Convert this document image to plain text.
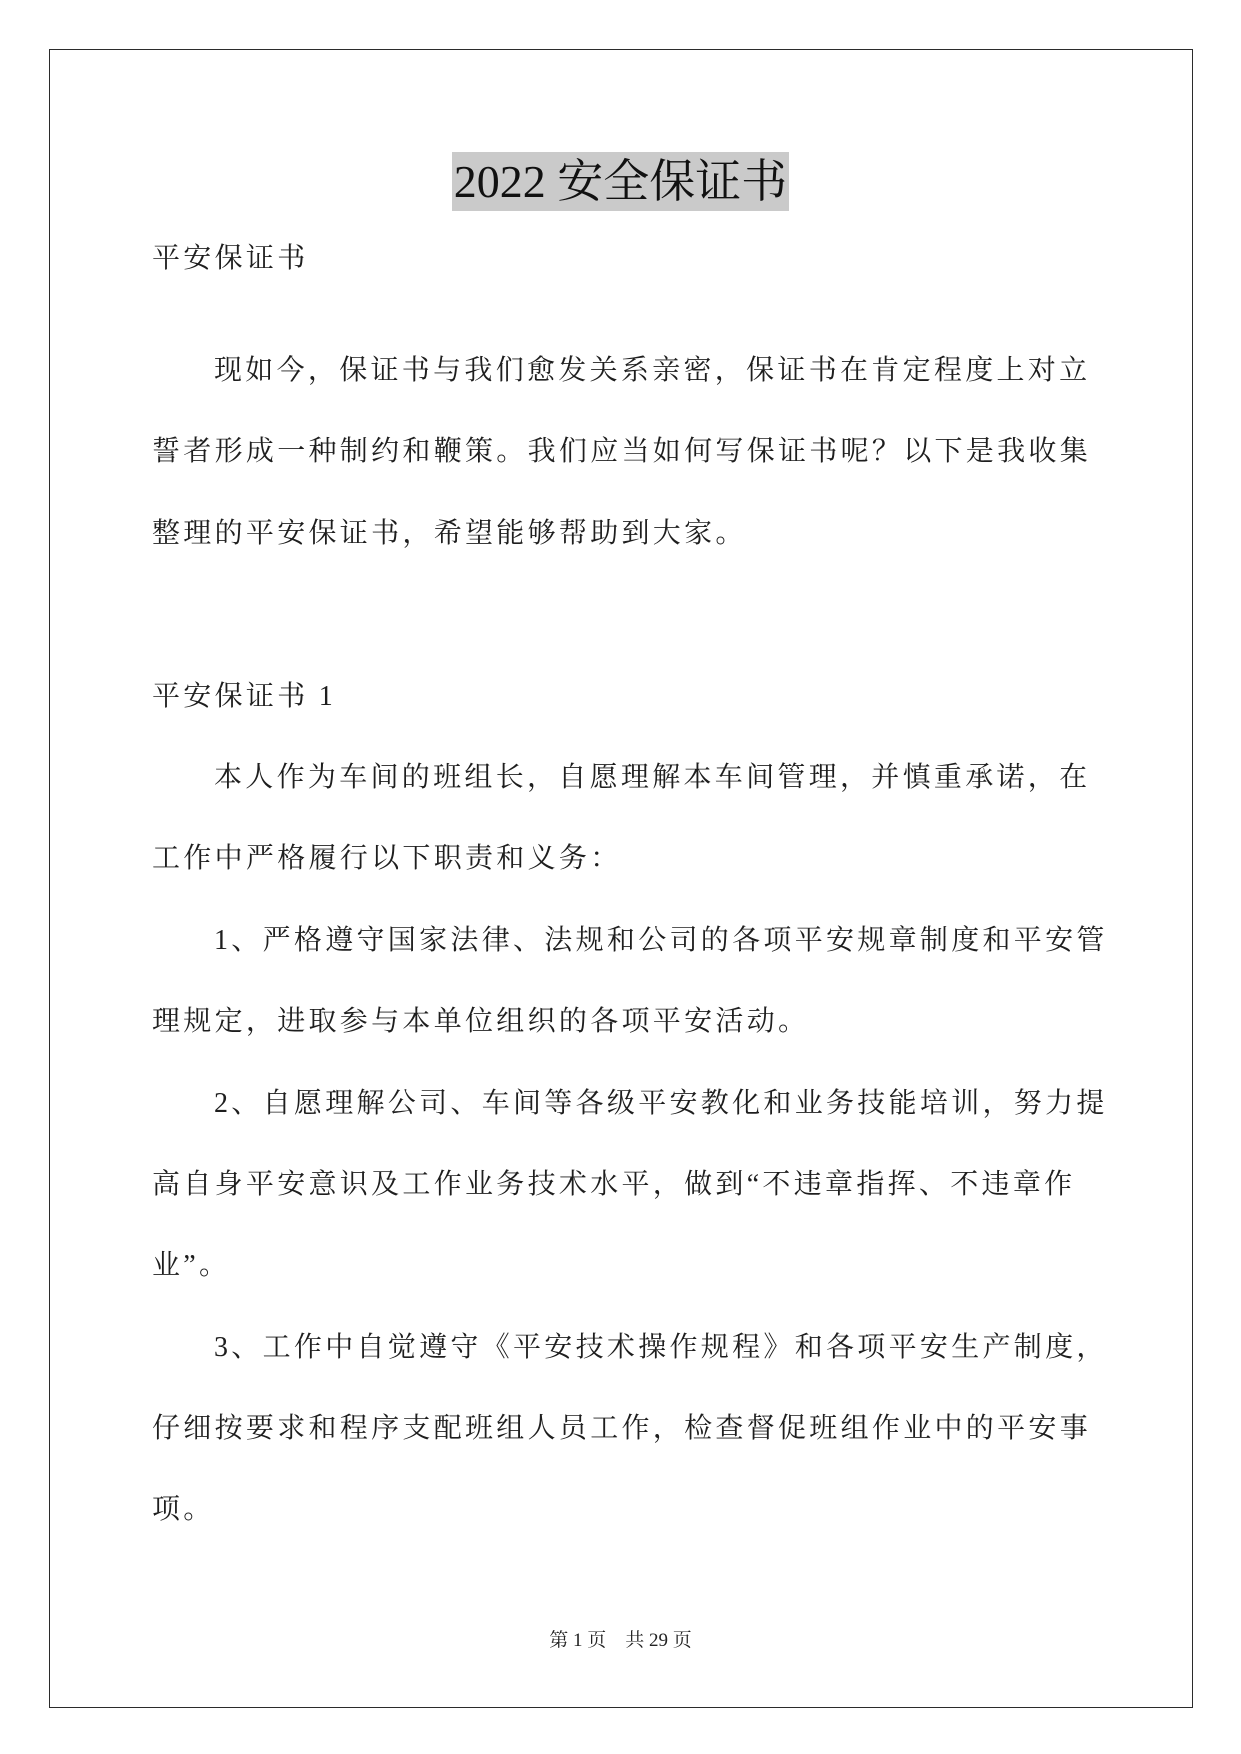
2022 安全保证书
平安保证书
现如今，保证书与我们愈发关系亲密，保证书在肯定程度上对立
誓者形成一种制约和鞭策。我们应当如何写保证书呢？以下是我收集
整理的平安保证书，希望能够帮助到大家。
平安保证书 1
本人作为车间的班组长，自愿理解本车间管理，并慎重承诺，在
工作中严格履行以下职责和义务：
1、严格遵守国家法律、法规和公司的各项平安规章制度和平安管
理规定，进取参与本单位组织的各项平安活动。
2、自愿理解公司、车间等各级平安教化和业务技能培训，努力提
高自身平安意识及工作业务技术水平，做到“不违章指挥、不违章作
业”。
3、工作中自觉遵守《平安技术操作规程》和各项平安生产制度，
仔细按要求和程序支配班组人员工作，检查督促班组作业中的平安事
项。
第 1 页　共 29 页
